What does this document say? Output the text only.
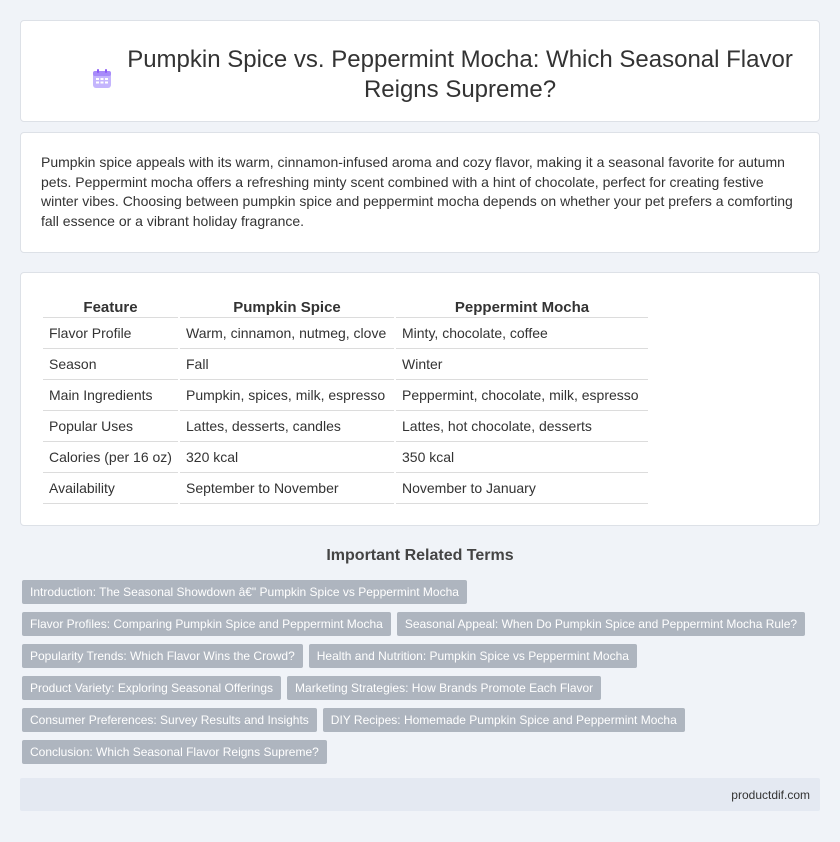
Pumpkin Spice vs. Peppermint Mocha: Which Seasonal Flavor Reigns Supreme?

Pumpkin spice appeals with its warm, cinnamon-infused aroma and cozy flavor, making it a seasonal favorite for autumn pets. Peppermint mocha offers a refreshing minty scent combined with a hint of chocolate, perfect for creating festive winter vibes. Choosing between pumpkin spice and peppermint mocha depends on whether your pet prefers a comforting fall essence or a vibrant holiday fragrance.

Feature	Pumpkin Spice	Peppermint Mocha
Flavor Profile	Warm, cinnamon, nutmeg, clove	Minty, chocolate, coffee
Season	Fall	Winter
Main Ingredients	Pumpkin, spices, milk, espresso	Peppermint, chocolate, milk, espresso
Popular Uses	Lattes, desserts, candles	Lattes, hot chocolate, desserts
Calories (per 16 oz)	320 kcal	350 kcal
Availability	September to November	November to January
Important Related Terms
Introduction: The Seasonal Showdown â€" Pumpkin Spice vs Peppermint Mocha
Flavor Profiles: Comparing Pumpkin Spice and Peppermint Mocha Seasonal Appeal: When Do Pumpkin Spice and Peppermint Mocha Rule?
Popularity Trends: Which Flavor Wins the Crowd? Health and Nutrition: Pumpkin Spice vs Peppermint Mocha
Product Variety: Exploring Seasonal Offerings Marketing Strategies: How Brands Promote Each Flavor
Consumer Preferences: Survey Results and Insights DIY Recipes: Homemade Pumpkin Spice and Peppermint Mocha
Conclusion: Which Seasonal Flavor Reigns Supreme?
productdif.com
